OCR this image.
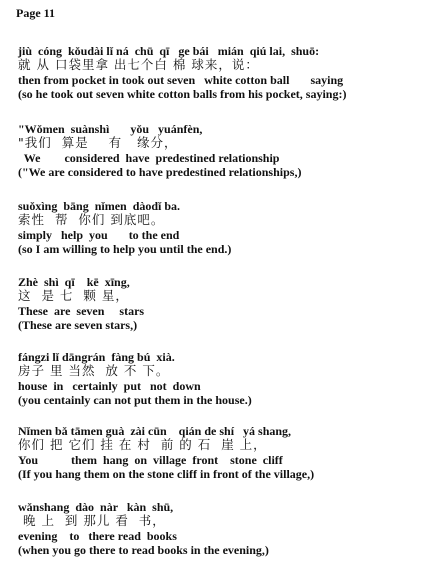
Page 11
jiù  cóng  kǒudài lǐ ná  chū  qī   ge bái   mián  qiú lai,  shuō:
就 从 口袋里拿 出七个白 棉 球来，说：
then from pocket in took out seven   white cotton ball       saying
(so he took out seven white cotton balls from his pocket, saying:)
"Wǒmen  suànshì       yǒu   yuánfèn,
"我们  算是    有   缘分，
We        considered  have  predestined relationship
("We are considered to have predestined relationships,)
suǒxìng  bāng  nǐmen  dàodǐ ba.
索性  帮  你们 到底吧。
simply   help  you       to the end
(so I am willing to help you until the end.)
Zhè  shì  qī    kē  xīng,
这  是 七  颗 星，
These  are  seven     stars
(These are seven stars,)
fángzi lǐ dāngrán  fàng bú  xià.
房子 里 当然  放 不 下。
house  in   certainly  put   not  down
(you centainly can not put them in the house.)
Nǐmen bǎ tāmen guà  zài cūn    qián de shí   yá shang,
你们 把 它们 挂 在 村  前 的 石  崖 上，
You           them  hang  on  village  front    stone  cliff
(If you hang them on the stone cliff in front of the village,)
wǎnshang  dào  nàr   kàn  shū,
晚 上  到 那儿 看  书，
evening    to   there read  books
(when you go there to read books in the evening,)
